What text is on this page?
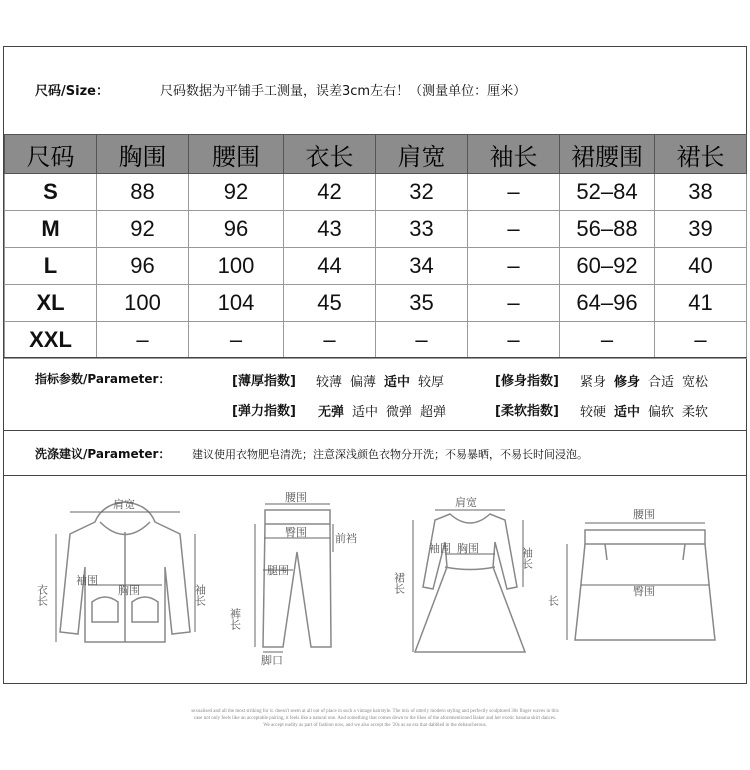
尺码/Size：	尺码数据为平铺手工测量，误差3cm左右！（测量单位：厘米）
尺码	胸围	腰围	衣长	肩宽	袖长	裙腰围	裙长
S	88	92	42	32	–	52–84	38
M	92	96	43	33	–	56–88	39
L	96	100	44	34	–	60–92	40
XL	100	104	45	35	–	64–96	41
XXL	–	–	–	–	–	–	–
指标参数/Parameter：	[薄厚指数] 较薄 偏薄 适中 较厚	[修身指数] 紧身 修身 合适 宽松
[弹力指数] 无弹 适中 微弹 超弹	[柔软指数] 较硬 适中 偏软 柔软
洗涤建议/Parameter： 建议使用衣物肥皂清洗；注意深浅颜色衣物分开洗；不易暴晒，不易长时间浸泡。
肩宽
袖围
胸围
衣长	袖长
腰围
臀围	前裆
腿围
裤长
脚口
肩宽
袖围 胸围
裙长
袖长
腰围
臀围
长
sexualised and all the most striking for it. doesn't seem at all out of place in such a vintage hairstyle. The mix of utterly modern styling and perfectly sculptured 30s finger waves in this case not only feels like an acceptable pairing, it feels like a natural one. And something that comes down to the likes of the aforementioned Baker and her exotic banana skirt dances. We accept nudity as part of fashion now, and we also accept the '20s as an era that dabbled in the debaucherous.
